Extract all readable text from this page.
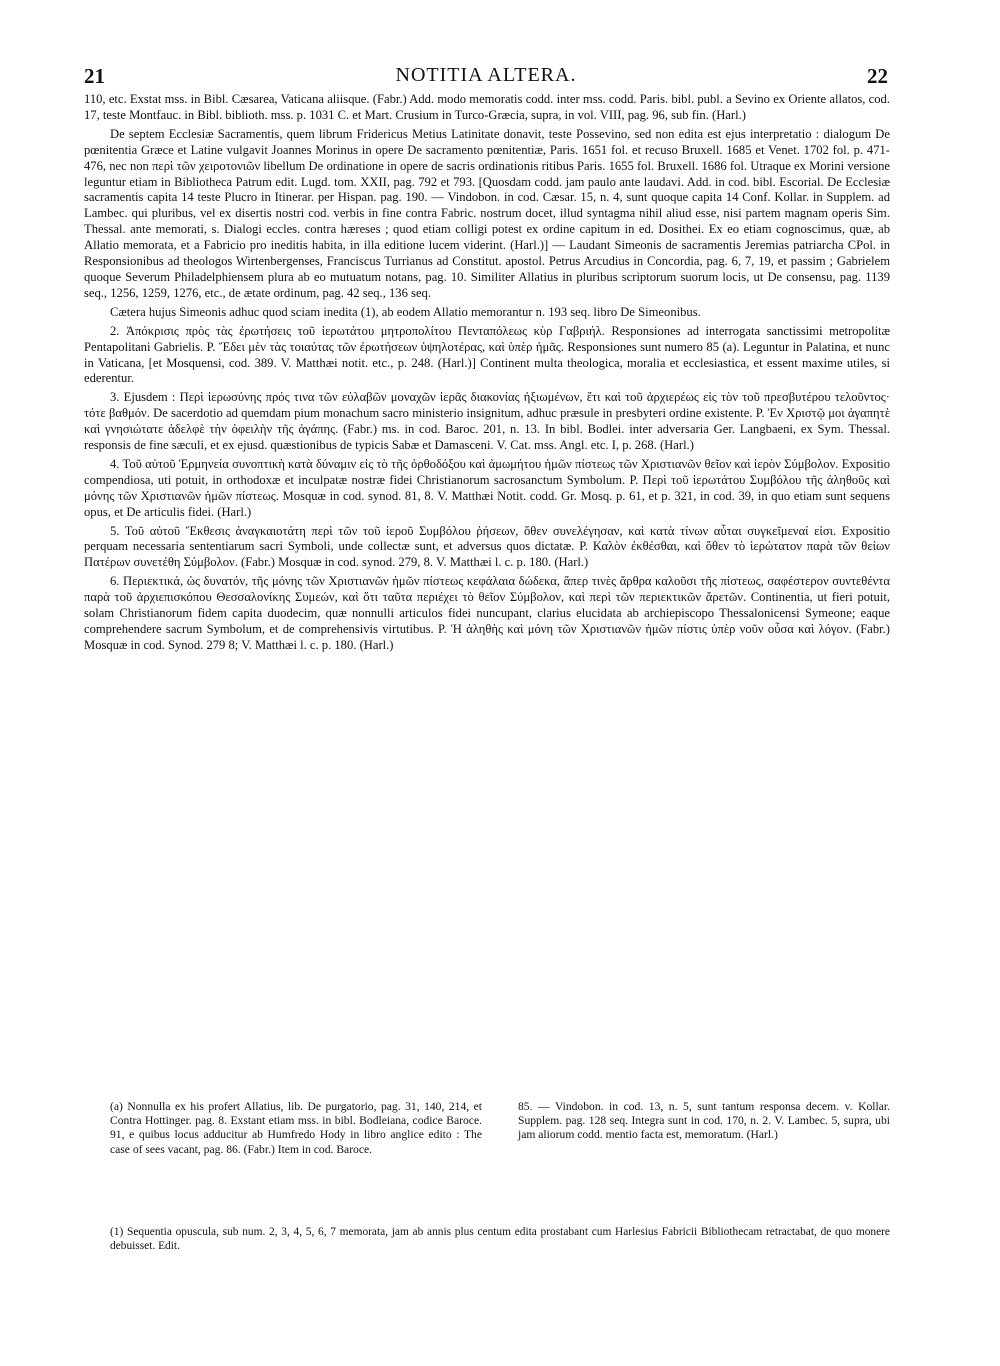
21	NOTITIA ALTERA.	22

110, etc. Exstat mss. in Bibl. Cæsarea, Vaticana aliisque. (Fabr.) Add. modo memoratis codd. inter mss. codd. Paris. bibl. publ. a Sevino ex Oriente allatos, cod. 17, teste Montfauc. in Bibl. biblioth. mss. p. 1031 C. et Mart. Crusium in Turco-Græcia, supra, in vol. VIII, pag. 96, sub fin. (Harl.)

De septem Ecclesiæ Sacramentis, quem librum Fridericus Metius Latinitate donavit, teste Possevino, sed non edita est ejus interpretatio : dialogum De pœnitentia Græce et Latine vulgavit Joannes Morinus in opere De sacramento pœnitentiæ, Paris. 1651 fol. et recuso Bruxell. 1685 et Venet. 1702 fol. p. 471-476, nec non περὶ τῶν χειροτονιῶν libellum De ordinatione in opere de sacris ordinationis ritibus Paris. 1655 fol. Bruxell. 1686 fol. Utraque ex Morini versione leguntur etiam in Bibliotheca Patrum edit. Lugd. tom. XXII, pag. 792 et 793. [Quosdam codd. jam paulo ante laudavi. Add. in cod. bibl. Escorial. De Ecclesiæ sacramentis capita 14 teste Plucro in Itinerar. per Hispan. pag. 190. — Vindobon. in cod. Cæsar. 15, n. 4, sunt quoque capita 14 Conf. Kollar. in Supplem. ad Lambec. qui pluribus, vel ex disertis nostri cod. verbis in fine contra Fabric. nostrum docet, illud syntagma nihil aliud esse, nisi partem magnam operis Sim. Thessal. ante memorati, s. Dialogi eccles. contra hæreses ; quod etiam colligi potest ex ordine capitum in ed. Dosithei. Ex eo etiam cognoscimus, quæ, ab Allatio memorata, et a Fabricio pro ineditis habita, in illa editione lucem viderint. (Harl.)] — Laudant Simeonis de sacramentis Jeremias patriarcha CPol. in Responsionibus ad theologos Wirtenbergenses, Franciscus Turrianus ad Constitut. apostol. Petrus Arcudius in Concordia, pag. 6, 7, 19, et passim ; Gabrielem quoque Severum Philadelphiensem plura ab eo mutuatum notans, pag. 10. Similiter Allatius in pluribus scriptorum suorum locis, ut De consensu, pag. 1139 seq., 1256, 1259, 1276, etc., de ætate ordinum, pag. 42 seq., 136 seq.

Cætera hujus Simeonis adhuc quod sciam inedita (1), ab eodem Allatio memorantur n. 193 seq. libro De Simeonibus.

2. Ἀπόκρισις πρὸς τὰς ἐρωτήσεις τοῦ ἱερωτάτου μητροπολίτου Πενταπόλεως κὺρ Γαβριήλ. Responsiones ad interrogata sanctissimi metropolitæ Pentapolitani Gabrielis. P. Ἔδει μὲν τὰς τοιαύτας τῶν ἐρωτήσεων ὑψηλοτέρας, καὶ ὑπὲρ ἡμᾶς. Responsiones sunt numero 85 (a). Leguntur in Palatina, et nunc in Vaticana, [et Mosquensi, cod. 389. V. Matthæi notit. etc., p. 248. (Harl.)] Continent multa theologica, moralia et ecclesiastica, et essent maxime utiles, si ederentur.

3. Ejusdem : Περὶ ἱερωσύνης πρός τινα τῶν εὐλαβῶν μοναχῶν ἱερᾶς διακονίας ἠξιωμένων, ἔτι καὶ τοῦ ἀρχιερέως εἰς τὸν τοῦ πρεσβυτέρου τελοῦντος· τότε βαθμόν. De sacerdotio ad quemdam pium monachum sacro ministerio insignitum, adhuc præsule in presbyteri ordine existente. P. Ἐν Χριστῷ μοι ἀγαπητὲ καὶ γνησιώτατε ἀδελφὲ τὴν ὀφειλὴν τῆς ἀγάπης. (Fabr.) ms. in cod. Baroc. 201, n. 13. In bibl. Bodlei. inter adversaria Ger. Langbaeni, ex Sym. Thessal. responsis de fine sæculi, et ex ejusd. quæstionibus de typicis Sabæ et Damasceni. V. Cat. mss. Angl. etc. I, p. 268. (Harl.)

4. Τοῦ αὐτοῦ Ἑρμηνεία συνοπτικὴ κατὰ δύναμιν εἰς τὸ τῆς ὀρθοδόξου καὶ ἀμωμήτου ἡμῶν πίστεως τῶν Χριστιανῶν θεῖον καὶ ἱερὸν Σύμβολον. Expositio compendiosa, uti potuit, in orthodoxæ et inculpatæ nostræ fidei Christianorum sacrosanctum Symbolum. P. Περὶ τοῦ ἱερωτάτου Συμβόλου τῆς ἀληθοῦς καὶ μόνης τῶν Χριστιανῶν ἡμῶν πίστεως. Mosquæ in cod. synod. 81, 8. V. Matthæi Notit. codd. Gr. Mosq. p. 61, et p. 321, in cod. 39, in quo etiam sunt sequens opus, et De articulis fidei. (Harl.)

5. Τοῦ αὐτοῦ Ἔκθεσις ἀναγκαιοτάτη περὶ τῶν τοῦ ἱεροῦ Συμβόλου ῥήσεων, ὅθεν συνελέγησαν, καὶ κατὰ τίνων αὗται συγκεῖμεναί εἰσι. Expositio perquam necessaria sententiarum sacri Symboli, unde collectæ sunt, et adversus quos dictatæ. P. Καλὸν ἐκθέσθαι, καὶ ὅθεν τὸ ἱερώτατον παρὰ τῶν θείων Πατέρων συνετέθη Σύμβολον. (Fabr.) Mosquæ in cod. synod. 279, 8. V. Matthæi l. c. p. 180. (Harl.)

6. Περιεκτικά, ὡς δυνατόν, τῆς μόνης τῶν Χριστιανῶν ἡμῶν πίστεως κεφάλαια δώδεκα, ἅπερ τινὲς ἄρθρα καλοῦσι τῆς πίστεως, σαφέστερον συντεθέντα παρὰ τοῦ ἀρχιεπισκόπου Θεσσαλονίκης Συμεών, καὶ ὅτι ταῦτα περιέχει τὸ θεῖον Σύμβολον, καὶ περὶ τῶν περιεκτικῶν ἄρετῶν. Continentia, ut fieri potuit, solam Christianorum fidem capita duodecim, quæ nonnulli articulos fidei nuncupant, clarius elucidata ab archiepiscopo Thessalonicensi Symeone; eaque comprehendere sacrum Symbolum, et de comprehensivis virtutibus. P. Ἡ ἀληθὴς καὶ μόνη τῶν Χριστιανῶν ἡμῶν πίστις ὑπὲρ νοῦν οὖσα καὶ λόγον. (Fabr.) Mosquæ in cod. Synod. 279 8; V. Matthæi l. c. p. 180. (Harl.)

(a) Nonnulla ex his profert Allatius, lib. De purgatorio, pag. 31, 140, 214, et Contra Hottinger. pag. 8. Exstant etiam mss. in bibl. Bodleiana, codice Baroce. 91, e quibus locus adducitur ab Humfredo Hody in libro anglice edito : The case of sees vacant, pag. 86. (Fabr.) Item in cod. Baroce.
85. — Vindobon. in cod. 13, n. 5, sunt tantum responsa decem. v. Kollar. Supplem. pag. 128 seq. Integra sunt in cod. 170, n. 2. V. Lambec. 5, supra, ubi jam aliorum codd. mentio facta est, memoratum. (Harl.)
(1) Sequentia opuscula, sub num. 2, 3, 4, 5, 6, 7 memorata, jam ab annis plus centum edita prostabant cum Harlesius Fabricii Bibliothecam retractabat, de quo monere debuisset. Edit.
